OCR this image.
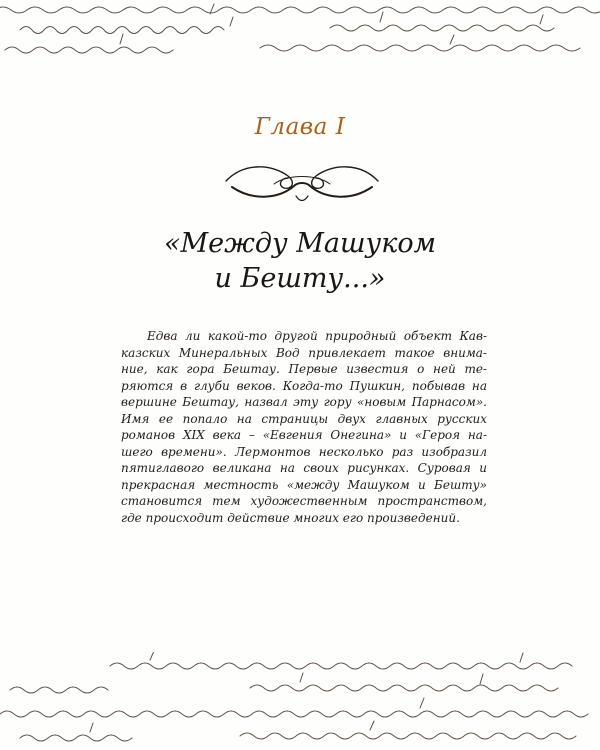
Глава I
«Между Машуком
и Бешту...»
Едва ли какой-то другой природный объект Кав-
казских Минеральных Вод привлекает такое внима-
ние, как гора Бештау. Первые известия о ней те-
ряются в глуби веков. Когда-то Пушкин, побывав на
вершине Бештау, назвал эту гору «новым Парнасом».
Имя ее попало на страницы двух главных русских
романов XIX века – «Евгения Онегина» и «Героя на-
шего времени». Лермонтов несколько раз изобразил
пятиглавого великана на своих рисунках. Суровая и
прекрасная местность «между Машуком и Бешту»
становится тем художественным пространством,
где происходит действие многих его произведений.
